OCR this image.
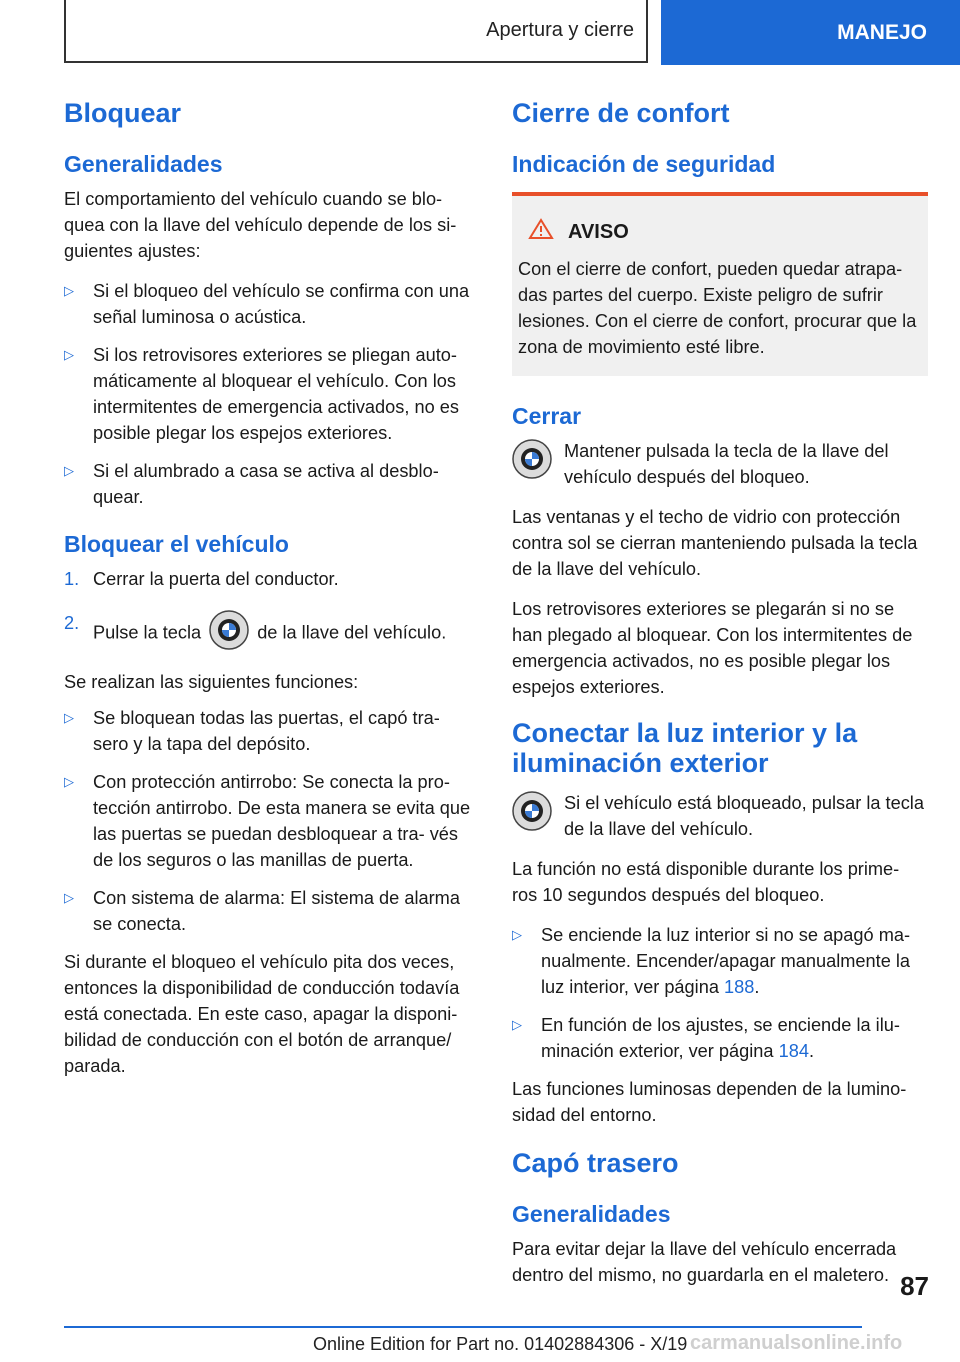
Apertura y cierre	MANEJO
Bloquear
Generalidades

El comportamiento del vehículo cuando se blo- quea con la llave del vehículo depende de los si- guientes ajustes:

▷ Si el bloqueo del vehículo se confirma con una señal luminosa o acústica.
▷ Si los retrovisores exteriores se pliegan auto- máticamente al bloquear el vehículo. Con los intermitentes de emergencia activados, no es posible plegar los espejos exteriores.
▷ Si el alumbrado a casa se activa al desblo- quear.
Bloquear el vehículo
1. Cerrar la puerta del conductor.
2. Pulse la tecla	de la llave del vehículo.

Se realizan las siguientes funciones:

▷ Se bloquean todas las puertas, el capó tra- sero y la tapa del depósito.
▷ Con protección antirrobo: Se conecta la pro- tección antirrobo. De esta manera se evita que las puertas se puedan desbloquear a tra- vés de los seguros o las manillas de puerta.
▷ Con sistema de alarma: El sistema de alarma se conecta.

Si durante el bloqueo el vehículo pita dos veces, entonces la disponibilidad de conducción todavía está conectada. En este caso, apagar la disponi- bilidad de conducción con el botón de arranque/ parada.

Cierre de confort
Indicación de seguridad
AVISO

Con el cierre de confort, pueden quedar atrapa- das partes del cuerpo. Existe peligro de sufrir lesiones. Con el cierre de confort, procurar que la zona de movimiento esté libre.

Cerrar

Mantener pulsada la tecla de la llave del vehículo después del bloqueo.

Las ventanas y el techo de vidrio con protección contra sol se cierran manteniendo pulsada la tecla de la llave del vehículo.

Los retrovisores exteriores se plegarán si no se han plegado al bloquear. Con los intermitentes de emergencia activados, no es posible plegar los espejos exteriores.

Conectar la luz interior y la iluminación exterior

Si el vehículo está bloqueado, pulsar la tecla de la llave del vehículo.

La función no está disponible durante los prime- ros 10 segundos después del bloqueo.

▷ Se enciende la luz interior si no se apagó ma- nualmente. Encender/apagar manualmente la luz interior, ver página 188.
▷ En función de los ajustes, se enciende la ilu- minación exterior, ver página 184.

Las funciones luminosas dependen de la lumino- sidad del entorno.

Capó trasero
Generalidades

Para evitar dejar la llave del vehículo encerrada dentro del mismo, no guardarla en el maletero. 87
Online Edition for Part no. 01402884306 - X/19 carmanualsonline.info
